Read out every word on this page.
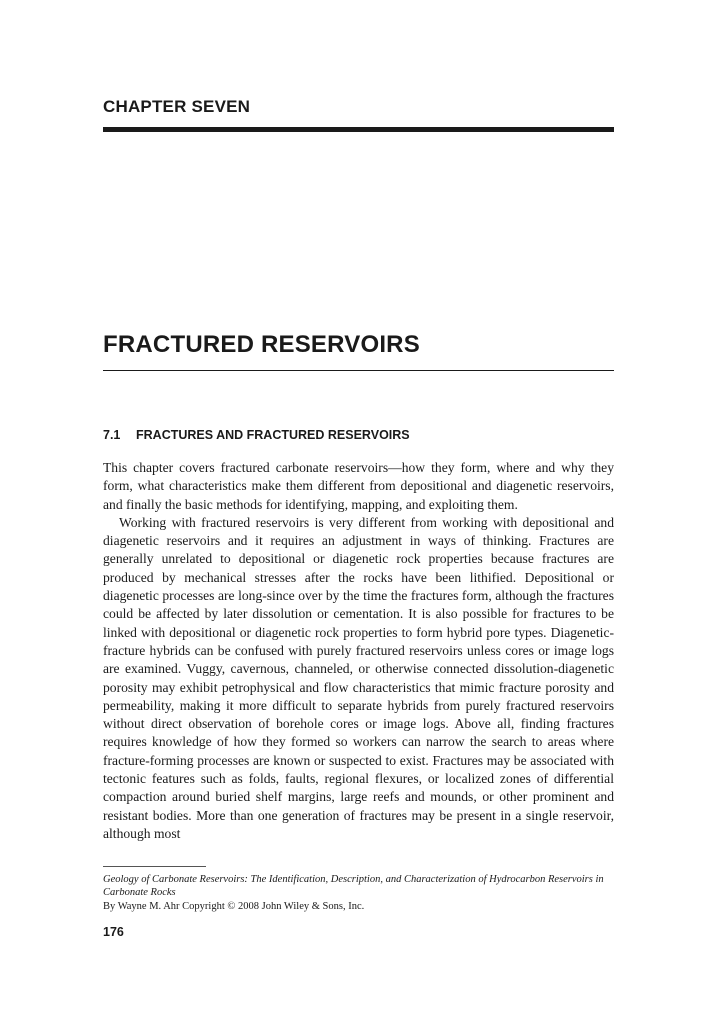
CHAPTER SEVEN
FRACTURED RESERVOIRS
7.1 FRACTURES AND FRACTURED RESERVOIRS

This chapter covers fractured carbonate reservoirs—how they form, where and why they form, what characteristics make them different from depositional and diagenetic reservoirs, and finally the basic methods for identifying, mapping, and exploiting them.

Working with fractured reservoirs is very different from working with depositional and diagenetic reservoirs and it requires an adjustment in ways of thinking. Fractures are generally unrelated to depositional or diagenetic rock properties because fractures are produced by mechanical stresses after the rocks have been lithified. Depositional or diagenetic processes are long-since over by the time the fractures form, although the fractures could be affected by later dissolution or cementation. It is also possible for fractures to be linked with depositional or diagenetic rock properties to form hybrid pore types. Diagenetic-fracture hybrids can be confused with purely fractured reservoirs unless cores or image logs are examined. Vuggy, cavernous, channeled, or otherwise connected dissolution-diagenetic porosity may exhibit petrophysical and flow characteristics that mimic fracture porosity and permeability, making it more difficult to separate hybrids from purely fractured reservoirs without direct observation of borehole cores or image logs. Above all, finding fractures requires knowledge of how they formed so workers can narrow the search to areas where fracture-forming processes are known or suspected to exist. Fractures may be associated with tectonic features such as folds, faults, regional flexures, or localized zones of differential compaction around buried shelf margins, large reefs and mounds, or other prominent and resistant bodies. More than one generation of fractures may be present in a single reservoir, although most

Geology of Carbonate Reservoirs: The Identification, Description, and Characterization of Hydrocarbon Reservoirs in Carbonate Rocks
By Wayne M. Ahr Copyright © 2008 John Wiley & Sons, Inc.
176
